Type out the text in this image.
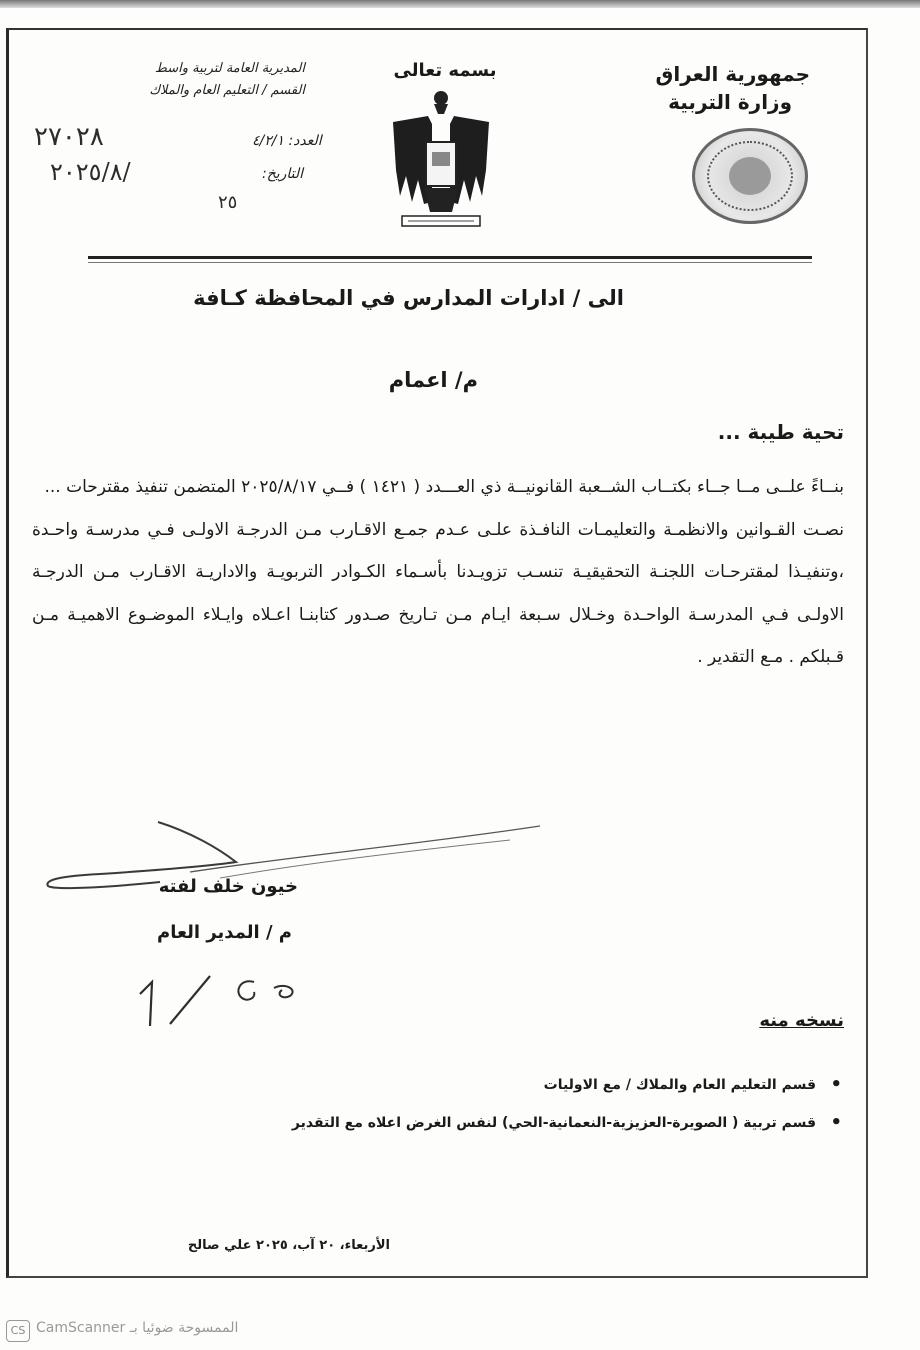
جمهورية العراق
وزارة التربية
بسمه تعالى
المديرية العامة لتربية واسط
القسم / التعليم العام والملاك
العدد: ٤/٢/١
٢٧٠٢٨
التاريخ:
٢٠٢٥/٨/
٢٥
الى / ادارات المدارس في المحافظة كـافة
م/ اعمام
تحية طيبة ...

بنــاءً علــى مــا جــاء بكتــاب الشــعبة القانونيــة ذي العـــدد ( ١٤٢١ ) فــي ٢٠٢٥/٨/١٧ المتضمن تنفيذ مقترحات ...

نصـت القـوانين والانظمـة والتعليمـات النافـذة علـى عـدم جمـع الاقـارب مـن الدرجـة الاولـى فـي مدرسـة واحـدة ،وتنفيـذا لمقترحـات اللجنـة التحقيقيـة تنسـب تزويـدنا بأسـماء الكـوادر التربويـة والاداريـة الاقـارب مـن الدرجـة الاولـى فـي المدرسـة الواحـدة وخـلال سـبعة ايـام مـن تـاريخ صـدور كتابنـا اعـلاه وايـلاء الموضـوع الاهميـة مـن قـبلكم . مـع التقدير .

خيون خلف لفته
م / المدير العام
نسخه منه
• قسم التعليم العام والملاك / مع الاوليات
• قسم تربية ( الصويرة-العزيزية-النعمانية-الحي) لنفس الغرض اعلاه مع التقدير
الأربعاء، ٢٠ آب، ٢٠٢٥ علي صالح
CS الممسوحة ضوئيا بـ CamScanner
